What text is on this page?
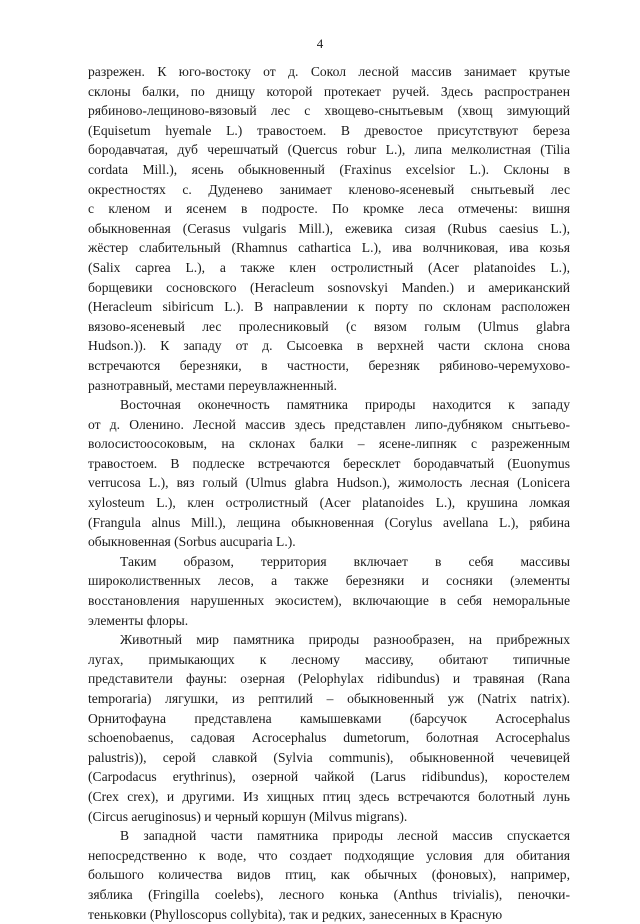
4
разрежен. К юго-востоку от д. Сокол лесной массив занимает крутые
склоны балки, по днищу которой протекает ручей. Здесь распространен
рябиново-лещиново-вязовый лес с хвощево-снытьевым (хвощ зимующий
(Equisetum hyemale L.) травостоем. В древостое присутствуют береза
бородавчатая, дуб черешчатый (Quercus robur L.), липа мелколистная (Tilia
cordata Mill.), ясень обыкновенный (Fraxinus excelsior L.). Склоны в
окрестностях с. Дуденево занимает кленово-ясеневый снытьевый лес
с кленом и ясенем в подросте. По кромке леса отмечены: вишня
обыкновенная (Cerasus vulgaris Mill.), ежевика сизая (Rubus caesius L.),
жёстер слабительный (Rhamnus cathartica L.), ива волчниковая, ива козья
(Salix caprea L.), а также клен остролистный (Acer platanoides L.),
борщевики сосновского (Heracleum sosnovskyi Manden.) и американский
(Heracleum sibiricum L.). В направлении к порту по склонам расположен
вязово-ясеневый лес пролесниковый (с вязом голым (Ulmus glabra
Hudson.)). К западу от д. Сысоевка в верхней части склона снова
встречаются березняки, в частности, березняк рябиново-черемухово-
разнотравный, местами переувлажненный.
Восточная оконечность памятника природы находится к западу
от д. Оленино. Лесной массив здесь представлен липо-дубняком снытьево-
волосистоосоковым, на склонах балки – ясене-липняк с разреженным
травостоем. В подлеске встречаются бересклет бородавчатый (Euonymus
verrucosa L.), вяз голый (Ulmus glabra Hudson.), жимолость лесная (Lonicera
xylosteum L.), клен остролистный (Acer platanoides L.), крушина ломкая
(Frangula alnus Mill.), лещина обыкновенная (Corylus avellana L.), рябина
обыкновенная (Sorbus aucuparia L.).
Таким образом, территория включает в себя массивы
широколиственных лесов, а также березняки и сосняки (элементы
восстановления нарушенных экосистем), включающие в себя неморальные
элементы флоры.
Животный мир памятника природы разнообразен, на прибрежных
лугах, примыкающих к лесному массиву, обитают типичные
представители фауны: озерная (Pelophylax ridibundus) и травяная (Rana
temporaria) лягушки, из рептилий – обыкновенный уж (Natrix natrix).
Орнитофауна представлена камышевками (барсучок Acrocephalus
schoenobaenus, садовая Acrocephalus dumetorum, болотная Acrocephalus
palustris)), серой славкой (Sylvia communis), обыкновенной чечевицей
(Carpodacus erythrinus), озерной чайкой (Larus ridibundus), коростелем
(Crex crex), и другими. Из хищных птиц здесь встречаются болотный лунь
(Circus aeruginosus) и черный коршун (Milvus migrans).
В западной части памятника природы лесной массив спускается
непосредственно к воде, что создает подходящие условия для обитания
большого количества видов птиц, как обычных (фоновых), например,
зяблика (Fringilla coelebs), лесного конька (Anthus trivialis), пеночки-
теньковки (Phylloscopus collybita), так и редких, занесенных в Красную
